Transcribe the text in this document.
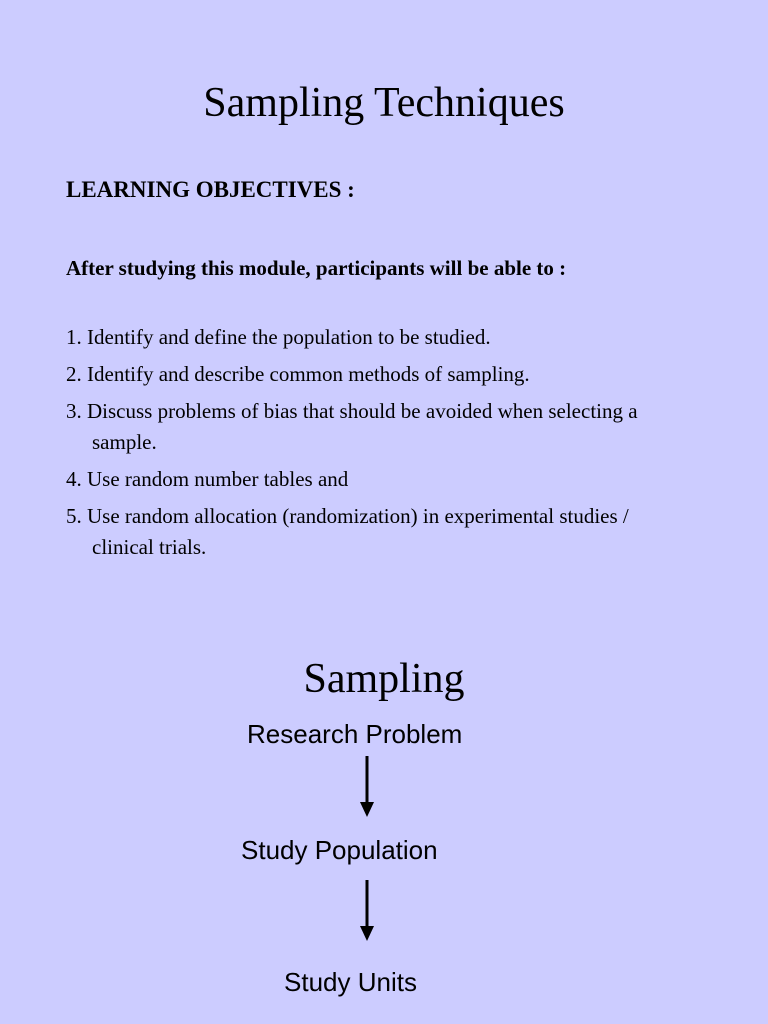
Sampling Techniques
LEARNING OBJECTIVES :
After studying this module, participants will be able to :
1. Identify and define the population to be studied.
2. Identify and describe common methods of sampling.
3. Discuss problems of bias that should be avoided when selecting a sample.
4. Use random number tables and
5. Use random allocation (randomization) in experimental studies / clinical trials.
Sampling
Research Problem
Study Population
Study Units
